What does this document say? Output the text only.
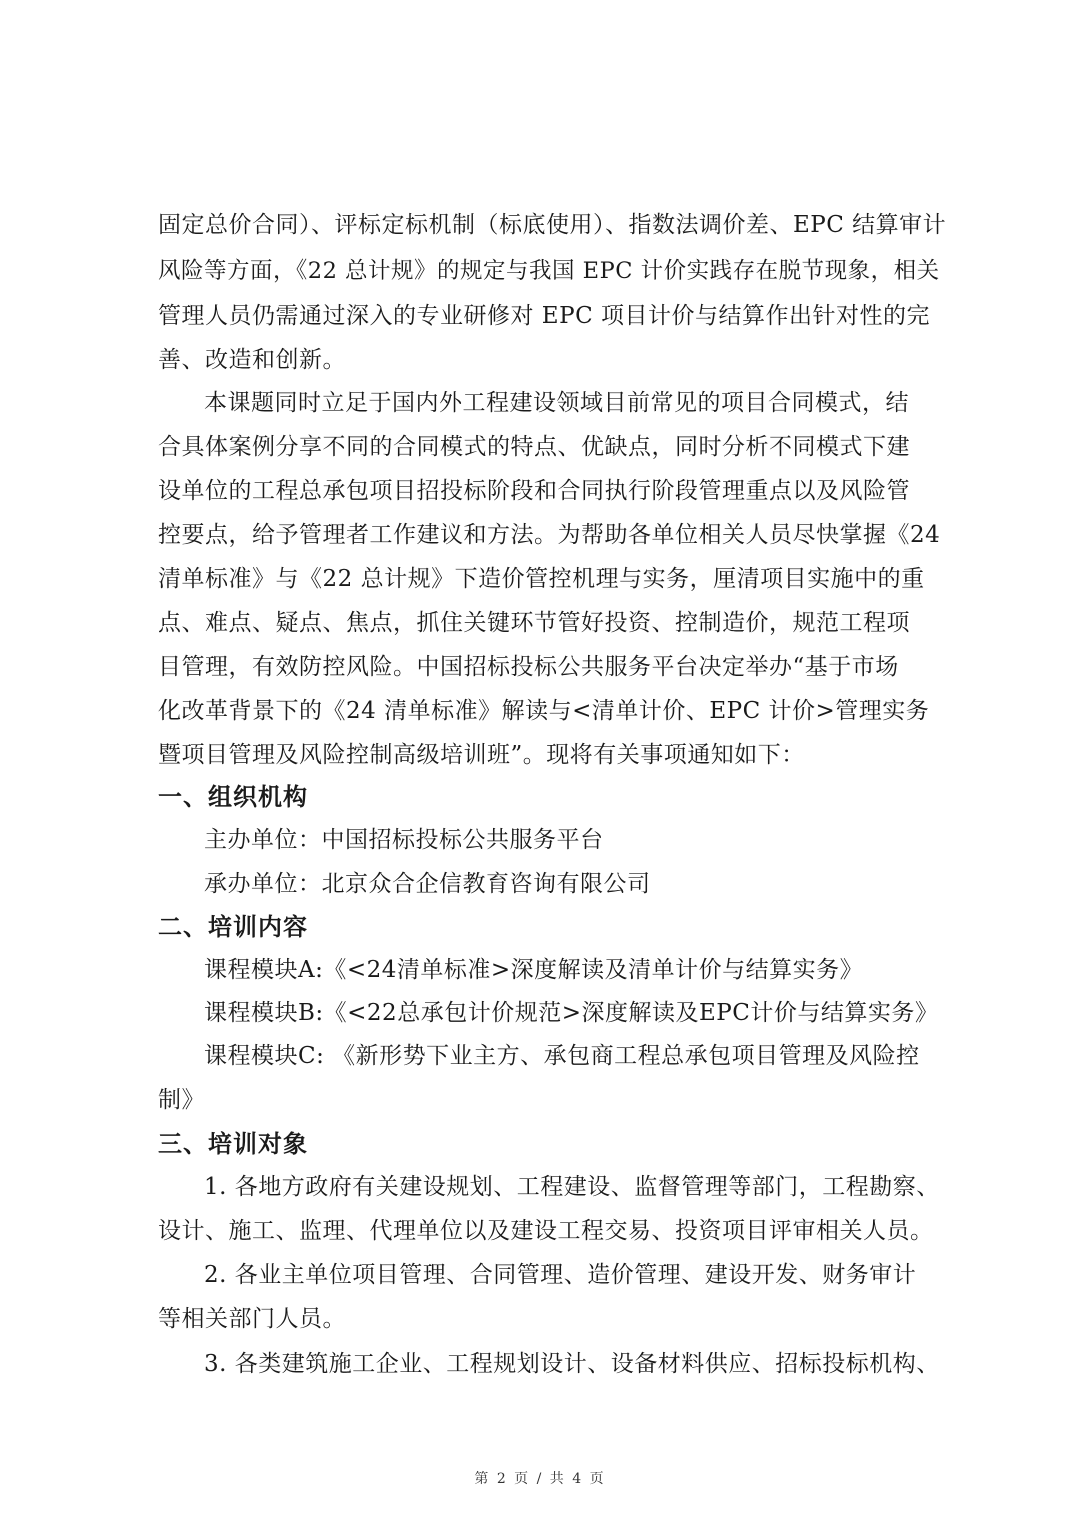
固定总价合同）、评标定标机制（标底使用）、指数法调价差、EPC 结算审计
风险等方面，《22 总计规》的规定与我国 EPC 计价实践存在脱节现象，相关
管理人员仍需通过深入的专业研修对 EPC 项目计价与结算作出针对性的完
善、改造和创新。
本课题同时立足于国内外工程建设领域目前常见的项目合同模式，结
合具体案例分享不同的合同模式的特点、优缺点，同时分析不同模式下建
设单位的工程总承包项目招投标阶段和合同执行阶段管理重点以及风险管
控要点，给予管理者工作建议和方法。为帮助各单位相关人员尽快掌握《24
清单标准》与《22 总计规》下造价管控机理与实务，厘清项目实施中的重
点、难点、疑点、焦点，抓住关键环节管好投资、控制造价，规范工程项
目管理，有效防控风险。中国招标投标公共服务平台决定举办“基于市场
化改革背景下的《24 清单标准》解读与<清单计价、EPC 计价>管理实务
暨项目管理及风险控制高级培训班”。现将有关事项通知如下：
一、组织机构
主办单位：中国招标投标公共服务平台
承办单位：北京众合企信教育咨询有限公司
二、培训内容
课程模块A:《<24清单标准>深度解读及清单计价与结算实务》
课程模块B:《<22总承包计价规范>深度解读及EPC计价与结算实务》
课程模块C: 《新形势下业主方、承包商工程总承包项目管理及风险控
制》
三、培训对象
1. 各地方政府有关建设规划、工程建设、监督管理等部门，工程勘察、
设计、施工、监理、代理单位以及建设工程交易、投资项目评审相关人员。
2. 各业主单位项目管理、合同管理、造价管理、建设开发、财务审计
等相关部门人员。
3. 各类建筑施工企业、工程规划设计、设备材料供应、招标投标机构、
第 2 页 / 共 4 页
